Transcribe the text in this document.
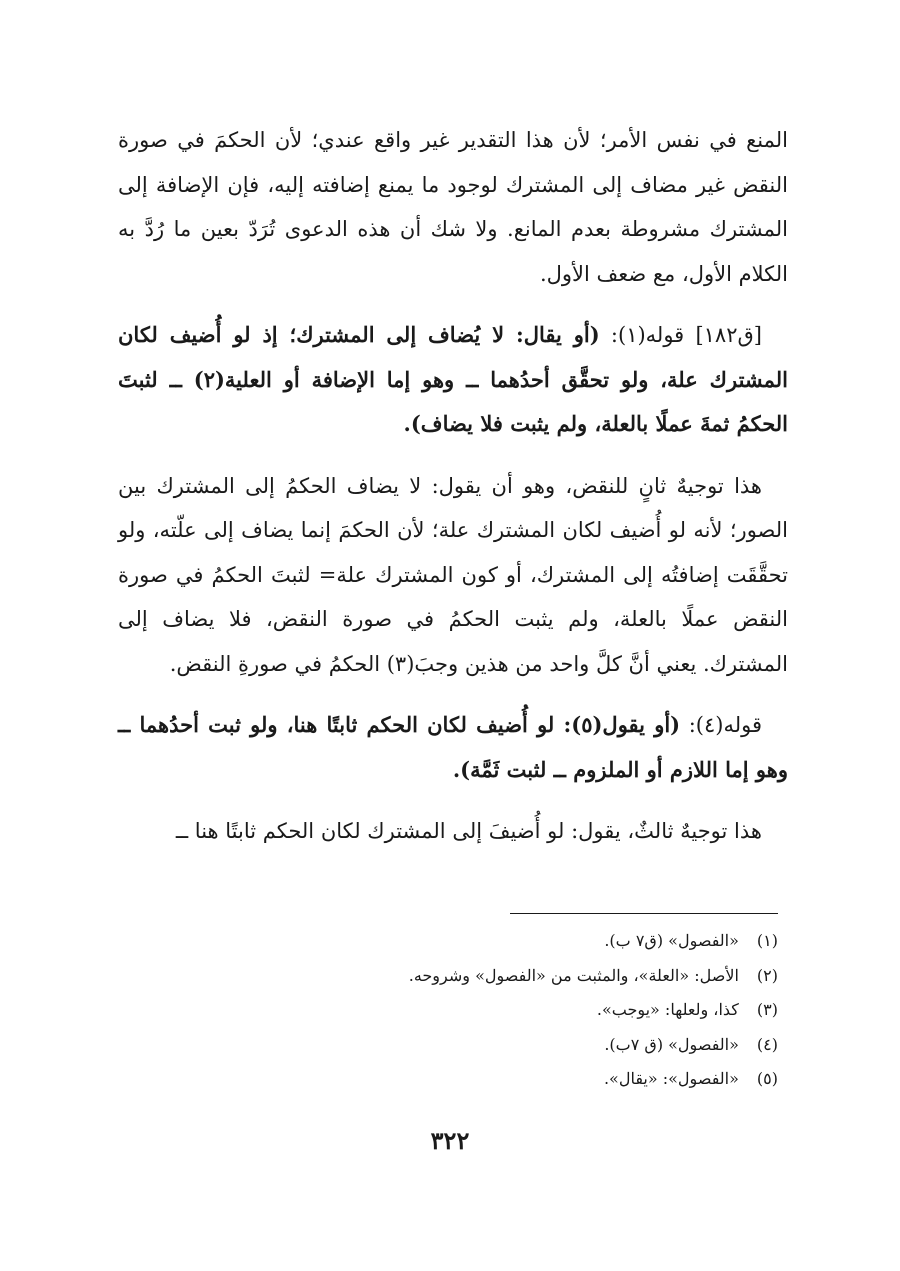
المنع في نفس الأمر؛ لأن هذا التقدير غير واقع عندي؛ لأن الحكمَ في صورة النقض غير مضاف إلى المشترك لوجود ما يمنع إضافته إليه، فإن الإضافة إلى المشترك مشروطة بعدم المانع. ولا شك أن هذه الدعوى تُرَدّ بعين ما رُدَّ به الكلام الأول، مع ضعف الأول.

[ق١٨٢] قوله(١): (أو يقال: لا يُضاف إلى المشترك؛ إذ لو أُضيف لكان المشترك علة، ولو تحقَّق أحدُهما ــ وهو إما الإضافة أو العلية(٢) ــ لثبتَ الحكمُ ثمةَ عملًا بالعلة، ولم يثبت فلا يضاف).

هذا توجيهٌ ثانٍ للنقض، وهو أن يقول: لا يضاف الحكمُ إلى المشترك بين الصور؛ لأنه لو أُضيف لكان المشترك علة؛ لأن الحكمَ إنما يضاف إلى علّته، ولو تحقَّقَت إضافتُه إلى المشترك، أو كون المشترك علة= لثبتَ الحكمُ في صورة النقض عملًا بالعلة، ولم يثبت الحكمُ في صورة النقض، فلا يضاف إلى المشترك. يعني أنَّ كلَّ واحد من هذين وجبَ(٣) الحكمُ في صورةِ النقض.

قوله(٤): (أو يقول(٥): لو أُضيف لكان الحكم ثابتًا هنا، ولو ثبت أحدُهما ــ وهو إما اللازم أو الملزوم ــ لثبت ثَمَّة).

هذا توجيهٌ ثالثٌ، يقول: لو أُضيفَ إلى المشترك لكان الحكم ثابتًا هنا ــ

(١) «الفصول» (ق٧ ب).
(٢) الأصل: «العلة»، والمثبت من «الفصول» وشروحه.
(٣) كذا، ولعلها: «يوجب».
(٤) «الفصول» (ق ٧ب).
(٥) «الفصول»: «يقال».
٣٢٢
